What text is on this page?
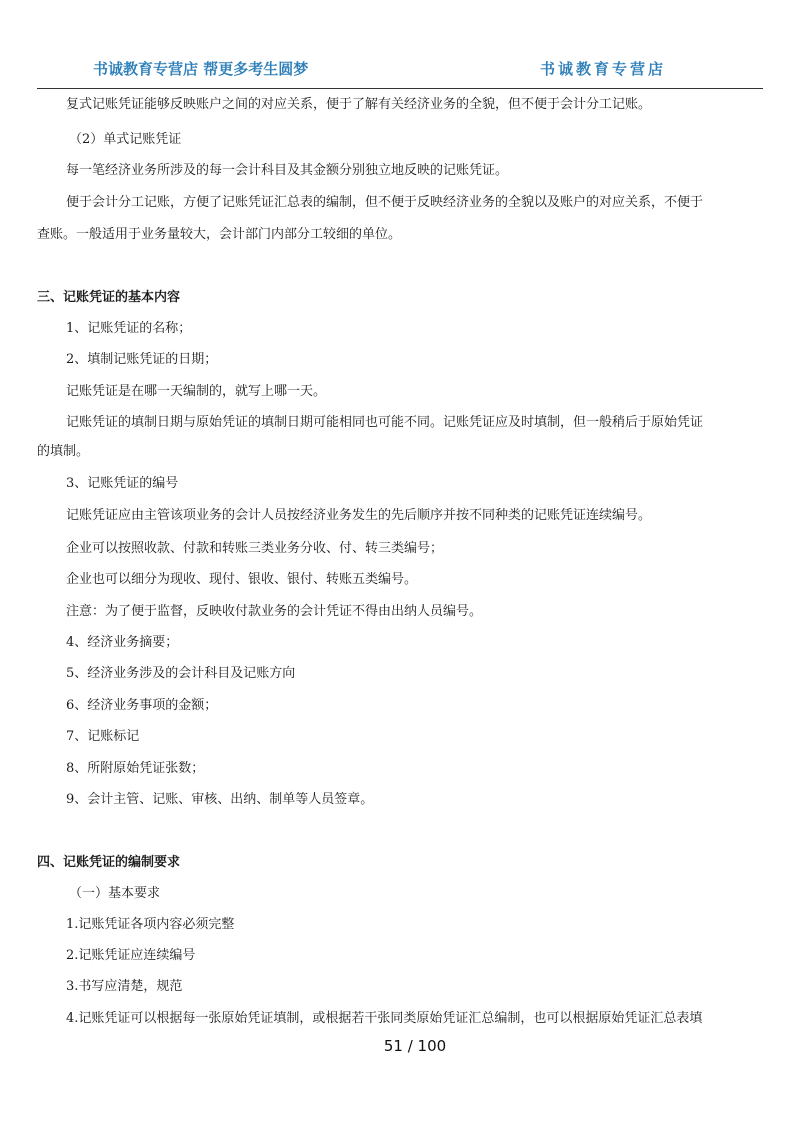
书诚教育专营店 帮更多考生圆梦	书诚教育专营店
复式记账凭证能够反映账户之间的对应关系，便于了解有关经济业务的全貌，但不便于会计分工记账。
（2）单式记账凭证
每一笔经济业务所涉及的每一会计科目及其金额分别独立地反映的记账凭证。
便于会计分工记账，方便了记账凭证汇总表的编制，但不便于反映经济业务的全貌以及账户的对应关系，不便于
查账。一般适用于业务量较大，会计部门内部分工较细的单位。
三、记账凭证的基本内容
1、记账凭证的名称；
2、填制记账凭证的日期；
记账凭证是在哪一天编制的，就写上哪一天。
记账凭证的填制日期与原始凭证的填制日期可能相同也可能不同。记账凭证应及时填制，但一般稍后于原始凭证
的填制。
3、记账凭证的编号
记账凭证应由主管该项业务的会计人员按经济业务发生的先后顺序并按不同种类的记账凭证连续编号。
企业可以按照收款、付款和转账三类业务分收、付、转三类编号；
企业也可以细分为现收、现付、银收、银付、转账五类编号。
注意：为了便于监督，反映收付款业务的会计凭证不得由出纳人员编号。
4、经济业务摘要；
5、经济业务涉及的会计科目及记账方向
6、经济业务事项的金额；
7、记账标记
8、所附原始凭证张数；
9、会计主管、记账、审核、出纳、制单等人员签章。
四、记账凭证的编制要求
（一）基本要求
1.记账凭证各项内容必须完整
2.记账凭证应连续编号
3.书写应清楚，规范
4.记账凭证可以根据每一张原始凭证填制，或根据若干张同类原始凭证汇总编制，也可以根据原始凭证汇总表填
51 / 100
